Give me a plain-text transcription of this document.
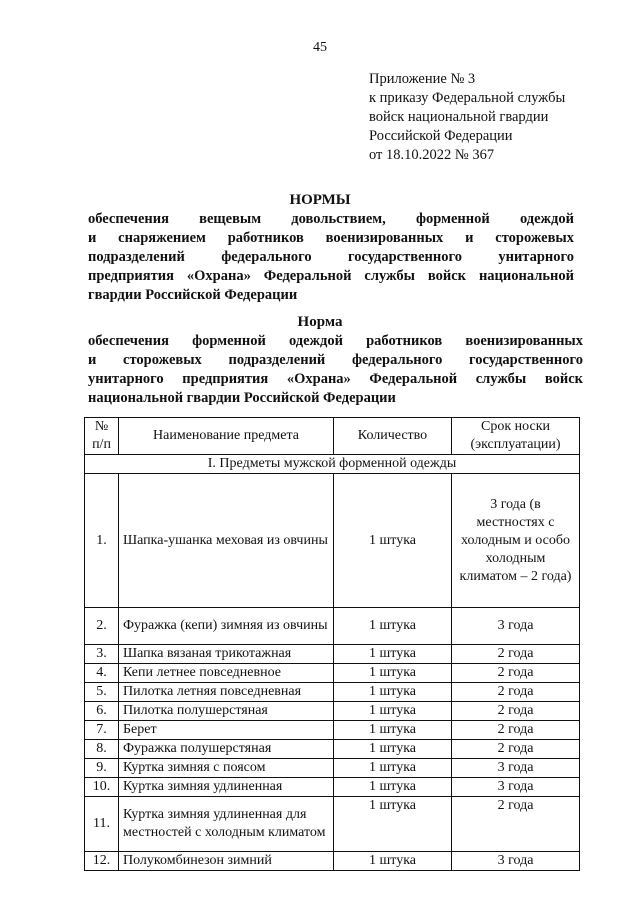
45
Приложение № 3
к приказу Федеральной службы
войск национальной гвардии
Российской Федерации
от 18.10.2022 № 367
НОРМЫ
обеспечения вещевым довольствием, форменной одеждой
и снаряжением работников военизированных и сторожевых
подразделений федерального государственного унитарного
предприятия «Охрана» Федеральной службы войск национальной
гвардии Российской Федерации
Норма
обеспечения форменной одеждой работников военизированных
и сторожевых подразделений федерального государственного
унитарного предприятия «Охрана» Федеральной службы войск
национальной гвардии Российской Федерации
№ п/п	Наименование предмета	Количество	Срок носки (эксплуатации)
I. Предметы мужской форменной одежды			
1.	Шапка-ушанка меховая из овчины	1 штука	3 года (в местностях с холодным и особо холодным климатом – 2 года)
2.	Фуражка (кепи) зимняя из овчины	1 штука	3 года
3.	Шапка вязаная трикотажная	1 штука	2 года
4.	Кепи летнее повседневное	1 штука	2 года
5.	Пилотка летняя повседневная	1 штука	2 года
6.	Пилотка полушерстяная	1 штука	2 года
7.	Берет	1 штука	2 года
8.	Фуражка полушерстяная	1 штука	2 года
9.	Куртка зимняя с поясом	1 штука	3 года
10.	Куртка зимняя удлиненная	1 штука	3 года
11.	Куртка зимняя удлиненная для местностей с холодным климатом	1 штука	2 года
12.	Полукомбинезон зимний	1 штука	3 года
